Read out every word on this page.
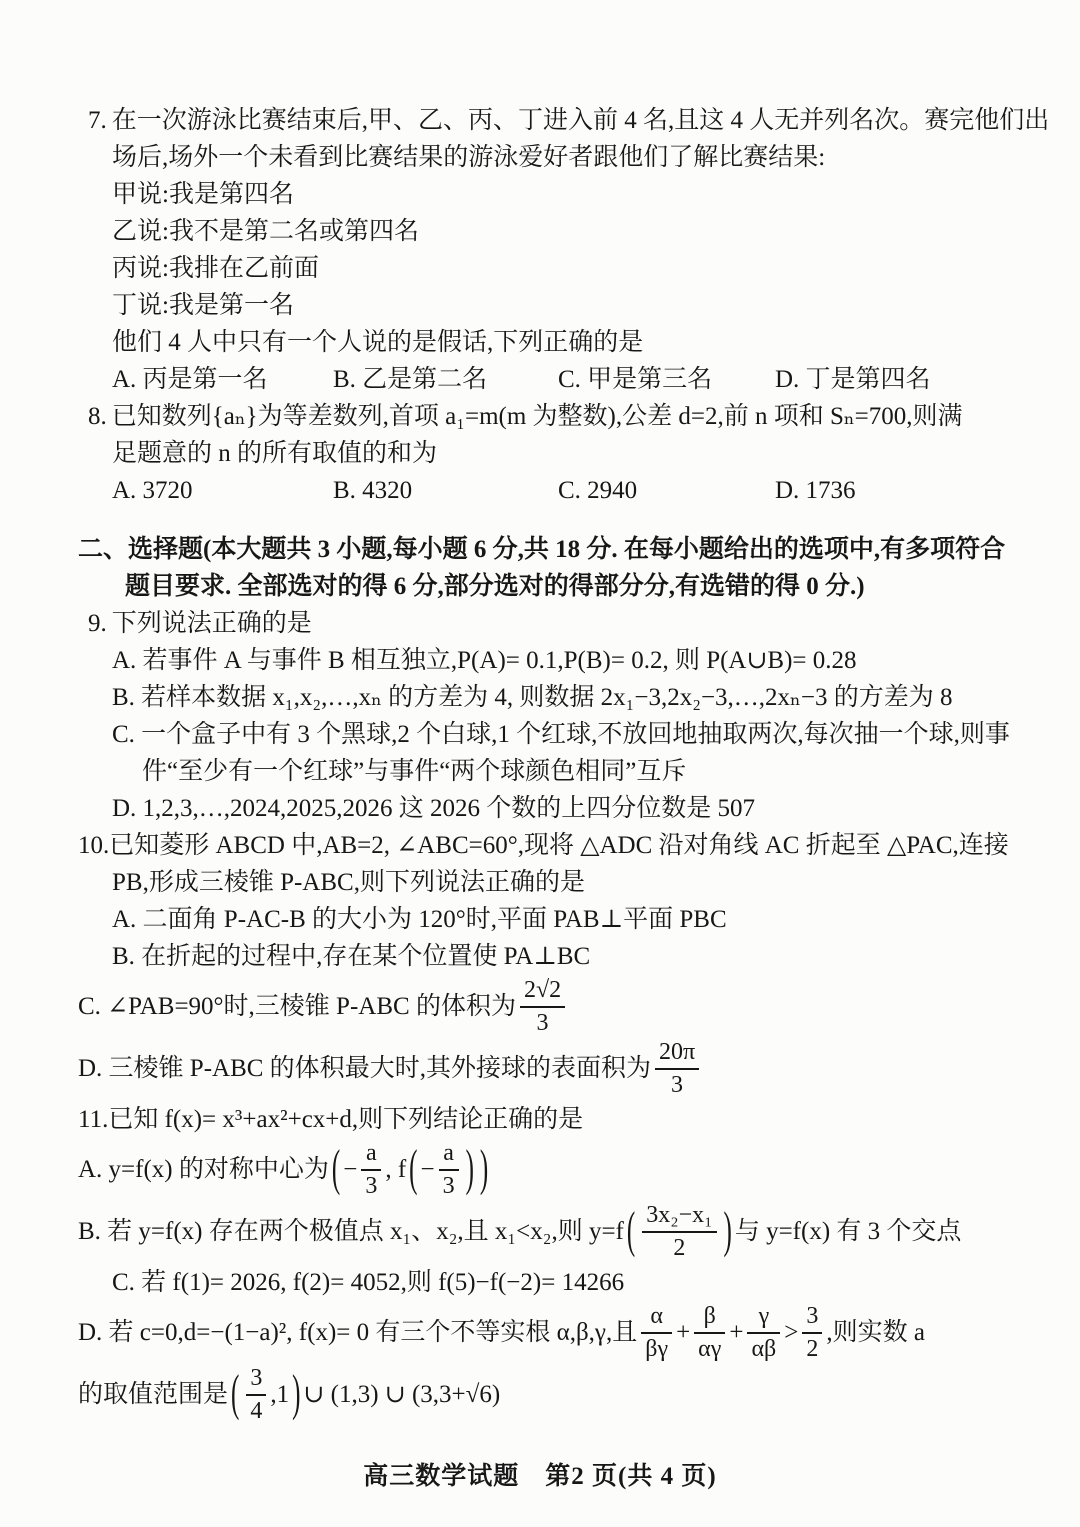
7. 在一次游泳比赛结束后,甲、乙、丙、丁进入前 4 名,且这 4 人无并列名次。赛完他们出
场后,场外一个未看到比赛结果的游泳爱好者跟他们了解比赛结果:
甲说:我是第四名
乙说:我不是第二名或第四名
丙说:我排在乙前面
丁说:我是第一名
他们 4 人中只有一个人说的是假话,下列正确的是
A. 丙是第一名	B. 乙是第二名	C. 甲是第三名	D. 丁是第四名
8. 已知数列{aₙ}为等差数列,首项 a₁=m(m 为整数),公差 d=2,前 n 项和 Sₙ=700,则满
足题意的 n 的所有取值的和为
A. 3720	B. 4320	C. 2940	D. 1736
二、选择题(本大题共 3 小题,每小题 6 分,共 18 分. 在每小题给出的选项中,有多项符合
题目要求. 全部选对的得 6 分,部分选对的得部分分,有选错的得 0 分.)
9. 下列说法正确的是
A. 若事件 A 与事件 B 相互独立,P(A)= 0.1,P(B)= 0.2, 则 P(A∪B)= 0.28
B. 若样本数据 x₁,x₂,…,xₙ 的方差为 4, 则数据 2x₁−3,2x₂−3,…,2xₙ−3 的方差为 8
C. 一个盒子中有 3 个黑球,2 个白球,1 个红球,不放回地抽取两次,每次抽一个球,则事
件“至少有一个红球”与事件“两个球颜色相同”互斥
D. 1,2,3,…,2024,2025,2026 这 2026 个数的上四分位数是 507
10.已知菱形 ABCD 中,AB=2, ∠ABC=60°,现将 △ADC 沿对角线 AC 折起至 △PAC,连接
PB,形成三棱锥 P-ABC,则下列说法正确的是
A. 二面角 P-AC-B 的大小为 120°时,平面 PAB⊥平面 PBC
B. 在折起的过程中,存在某个位置使 PA⊥BC
C. ∠PAB=90°时,三棱锥 P-ABC 的体积为 $\frac{2√2}{3}$
D. 三棱锥 P-ABC 的体积最大时,其外接球的表面积为 $\frac{20\pi}{3}$
11.已知 f(x)= x³+ax²+cx+d,则下列结论正确的是
A. y=f(x) 的对称中心为 ( − $\frac{a}{3}$ , f ( − $\frac{a}{3}$ ) )
B. 若 y=f(x) 存在两个极值点 x₁、x₂,且 x₁<x₂,则 y=f ( $\frac{\text{3x₂−x₁}}{2}$ ) 与 y=f(x) 有 3 个交点
C. 若 f(1)= 2026, f(2)= 4052,则 f(5)−f(−2)= 14266
D. 若 c=0,d=−(1−a)², f(x)= 0 有三个不等实根 α,β,γ,且 $\frac{\alpha}{\beta\gamma} + \frac{\beta}{\alpha\gamma} + \frac{\gamma}{\alpha\beta} > \frac{3}{2}$ ,则实数 a
的取值范围是 ( $\frac{3}{4} ,1$ ) ∪ (1,3) ∪ (3,3+√6)
高三数学试题　第2 页(共 4 页)
